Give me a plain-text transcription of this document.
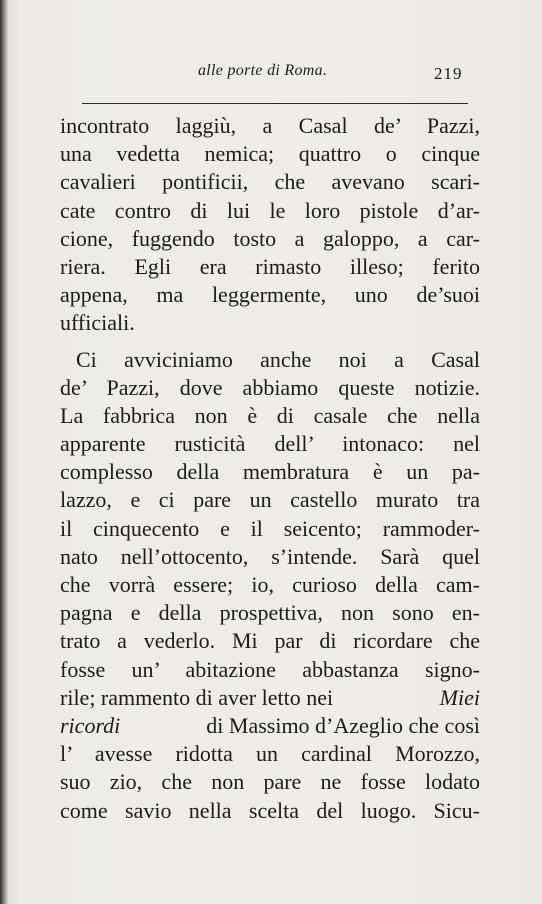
alle porte di Roma.	219
incontrato laggiù, a Casal de’ Pazzi,
una vedetta nemica; quattro o cinque
cavalieri pontificii, che avevano scari-
cate contro di lui le loro pistole d’ar-
cione, fuggendo tosto a galoppo, a car-
riera. Egli era rimasto illeso; ferito
appena, ma leggermente, uno de’suoi
ufficiali.
Ci avviciniamo anche noi a Casal
de’ Pazzi, dove abbiamo queste notizie.
La fabbrica non è di casale che nella
apparente rusticità dell’ intonaco: nel
complesso della membratura è un pa-
lazzo, e ci pare un castello murato tra
il cinquecento e il seicento; rammoder-
nato nell’ottocento, s’intende. Sarà quel
che vorrà essere; io, curioso della cam-
pagna e della prospettiva, non sono en-
trato a vederlo. Mi par di ricordare che
fosse un’ abitazione abbastanza signo-
rile; rammento di aver letto nei	Miei
ricordi	di Massimo d’Azeglio che così
l’ avesse ridotta un cardinal Morozzo,
suo zio, che non pare ne fosse lodato
come savio nella scelta del luogo. Sicu-
